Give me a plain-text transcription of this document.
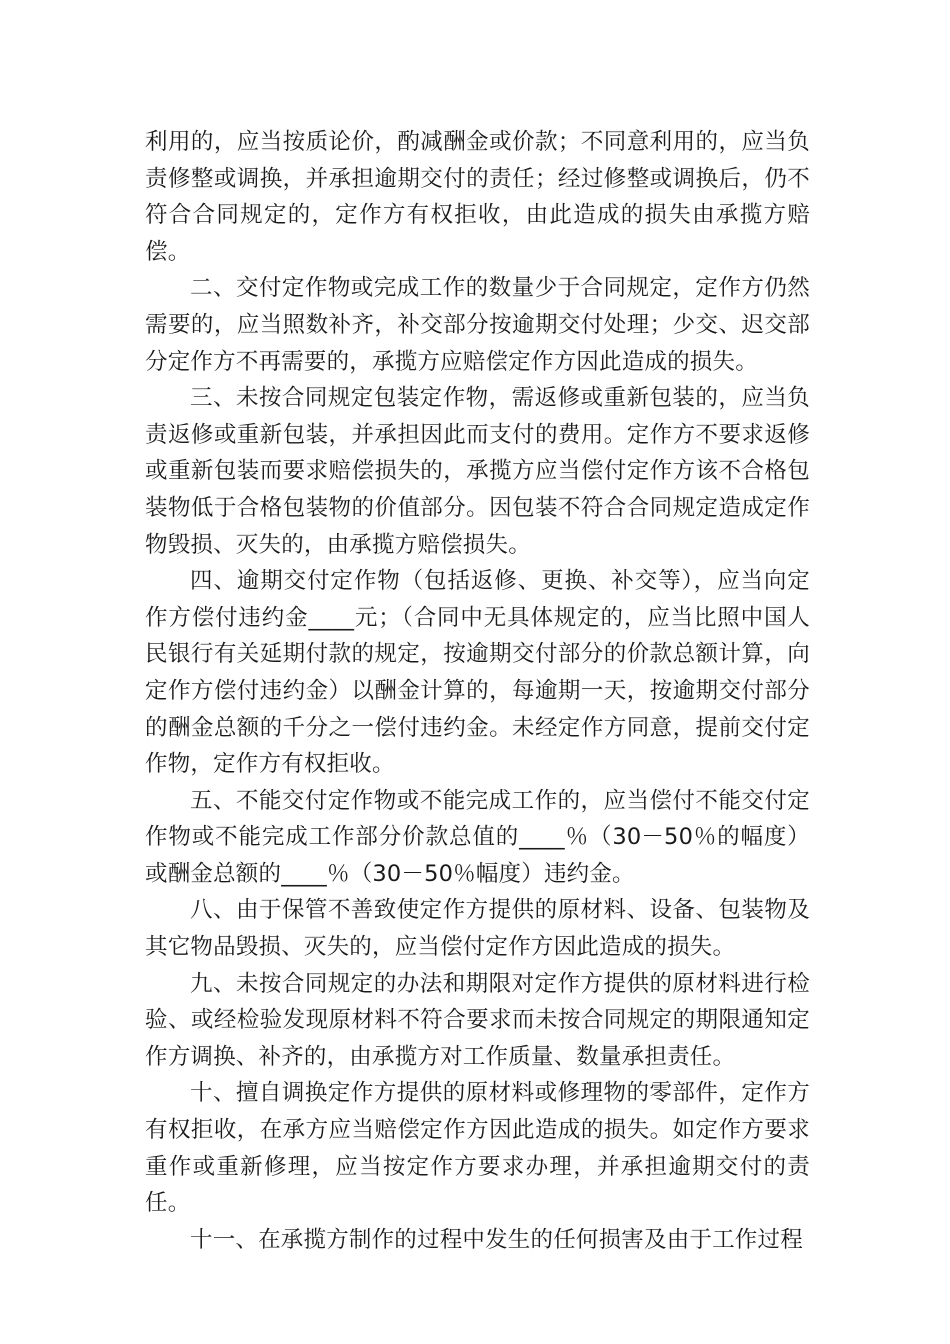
利用的，应当按质论价，酌减酬金或价款；不同意利用的，应当负责修整或调换，并承担逾期交付的责任；经过修整或调换后，仍不符合合同规定的，定作方有权拒收，由此造成的损失由承揽方赔偿。

二、交付定作物或完成工作的数量少于合同规定，定作方仍然需要的，应当照数补齐，补交部分按逾期交付处理；少交、迟交部分定作方不再需要的，承揽方应赔偿定作方因此造成的损失。

三、未按合同规定包装定作物，需返修或重新包装的，应当负责返修或重新包装，并承担因此而支付的费用。定作方不要求返修或重新包装而要求赔偿损失的，承揽方应当偿付定作方该不合格包装物低于合格包装物的价值部分。因包装不符合合同规定造成定作物毁损、灭失的，由承揽方赔偿损失。

四、逾期交付定作物（包括返修、更换、补交等），应当向定作方偿付违约金____元；（合同中无具体规定的，应当比照中国人民银行有关延期付款的规定，按逾期交付部分的价款总额计算，向定作方偿付违约金）以酬金计算的，每逾期一天，按逾期交付部分的酬金总额的千分之一偿付违约金。未经定作方同意，提前交付定作物，定作方有权拒收。

五、不能交付定作物或不能完成工作的，应当偿付不能交付定作物或不能完成工作部分价款总值的____％（30－50％的幅度）或酬金总额的____％（30－50％幅度）违约金。

八、由于保管不善致使定作方提供的原材料、设备、包装物及其它物品毁损、灭失的，应当偿付定作方因此造成的损失。

九、未按合同规定的办法和期限对定作方提供的原材料进行检验、或经检验发现原材料不符合要求而未按合同规定的期限通知定作方调换、补齐的，由承揽方对工作质量、数量承担责任。

十、擅自调换定作方提供的原材料或修理物的零部件，定作方有权拒收，在承方应当赔偿定作方因此造成的损失。如定作方要求重作或重新修理，应当按定作方要求办理，并承担逾期交付的责任。

十一、在承揽方制作的过程中发生的任何损害及由于工作过程
